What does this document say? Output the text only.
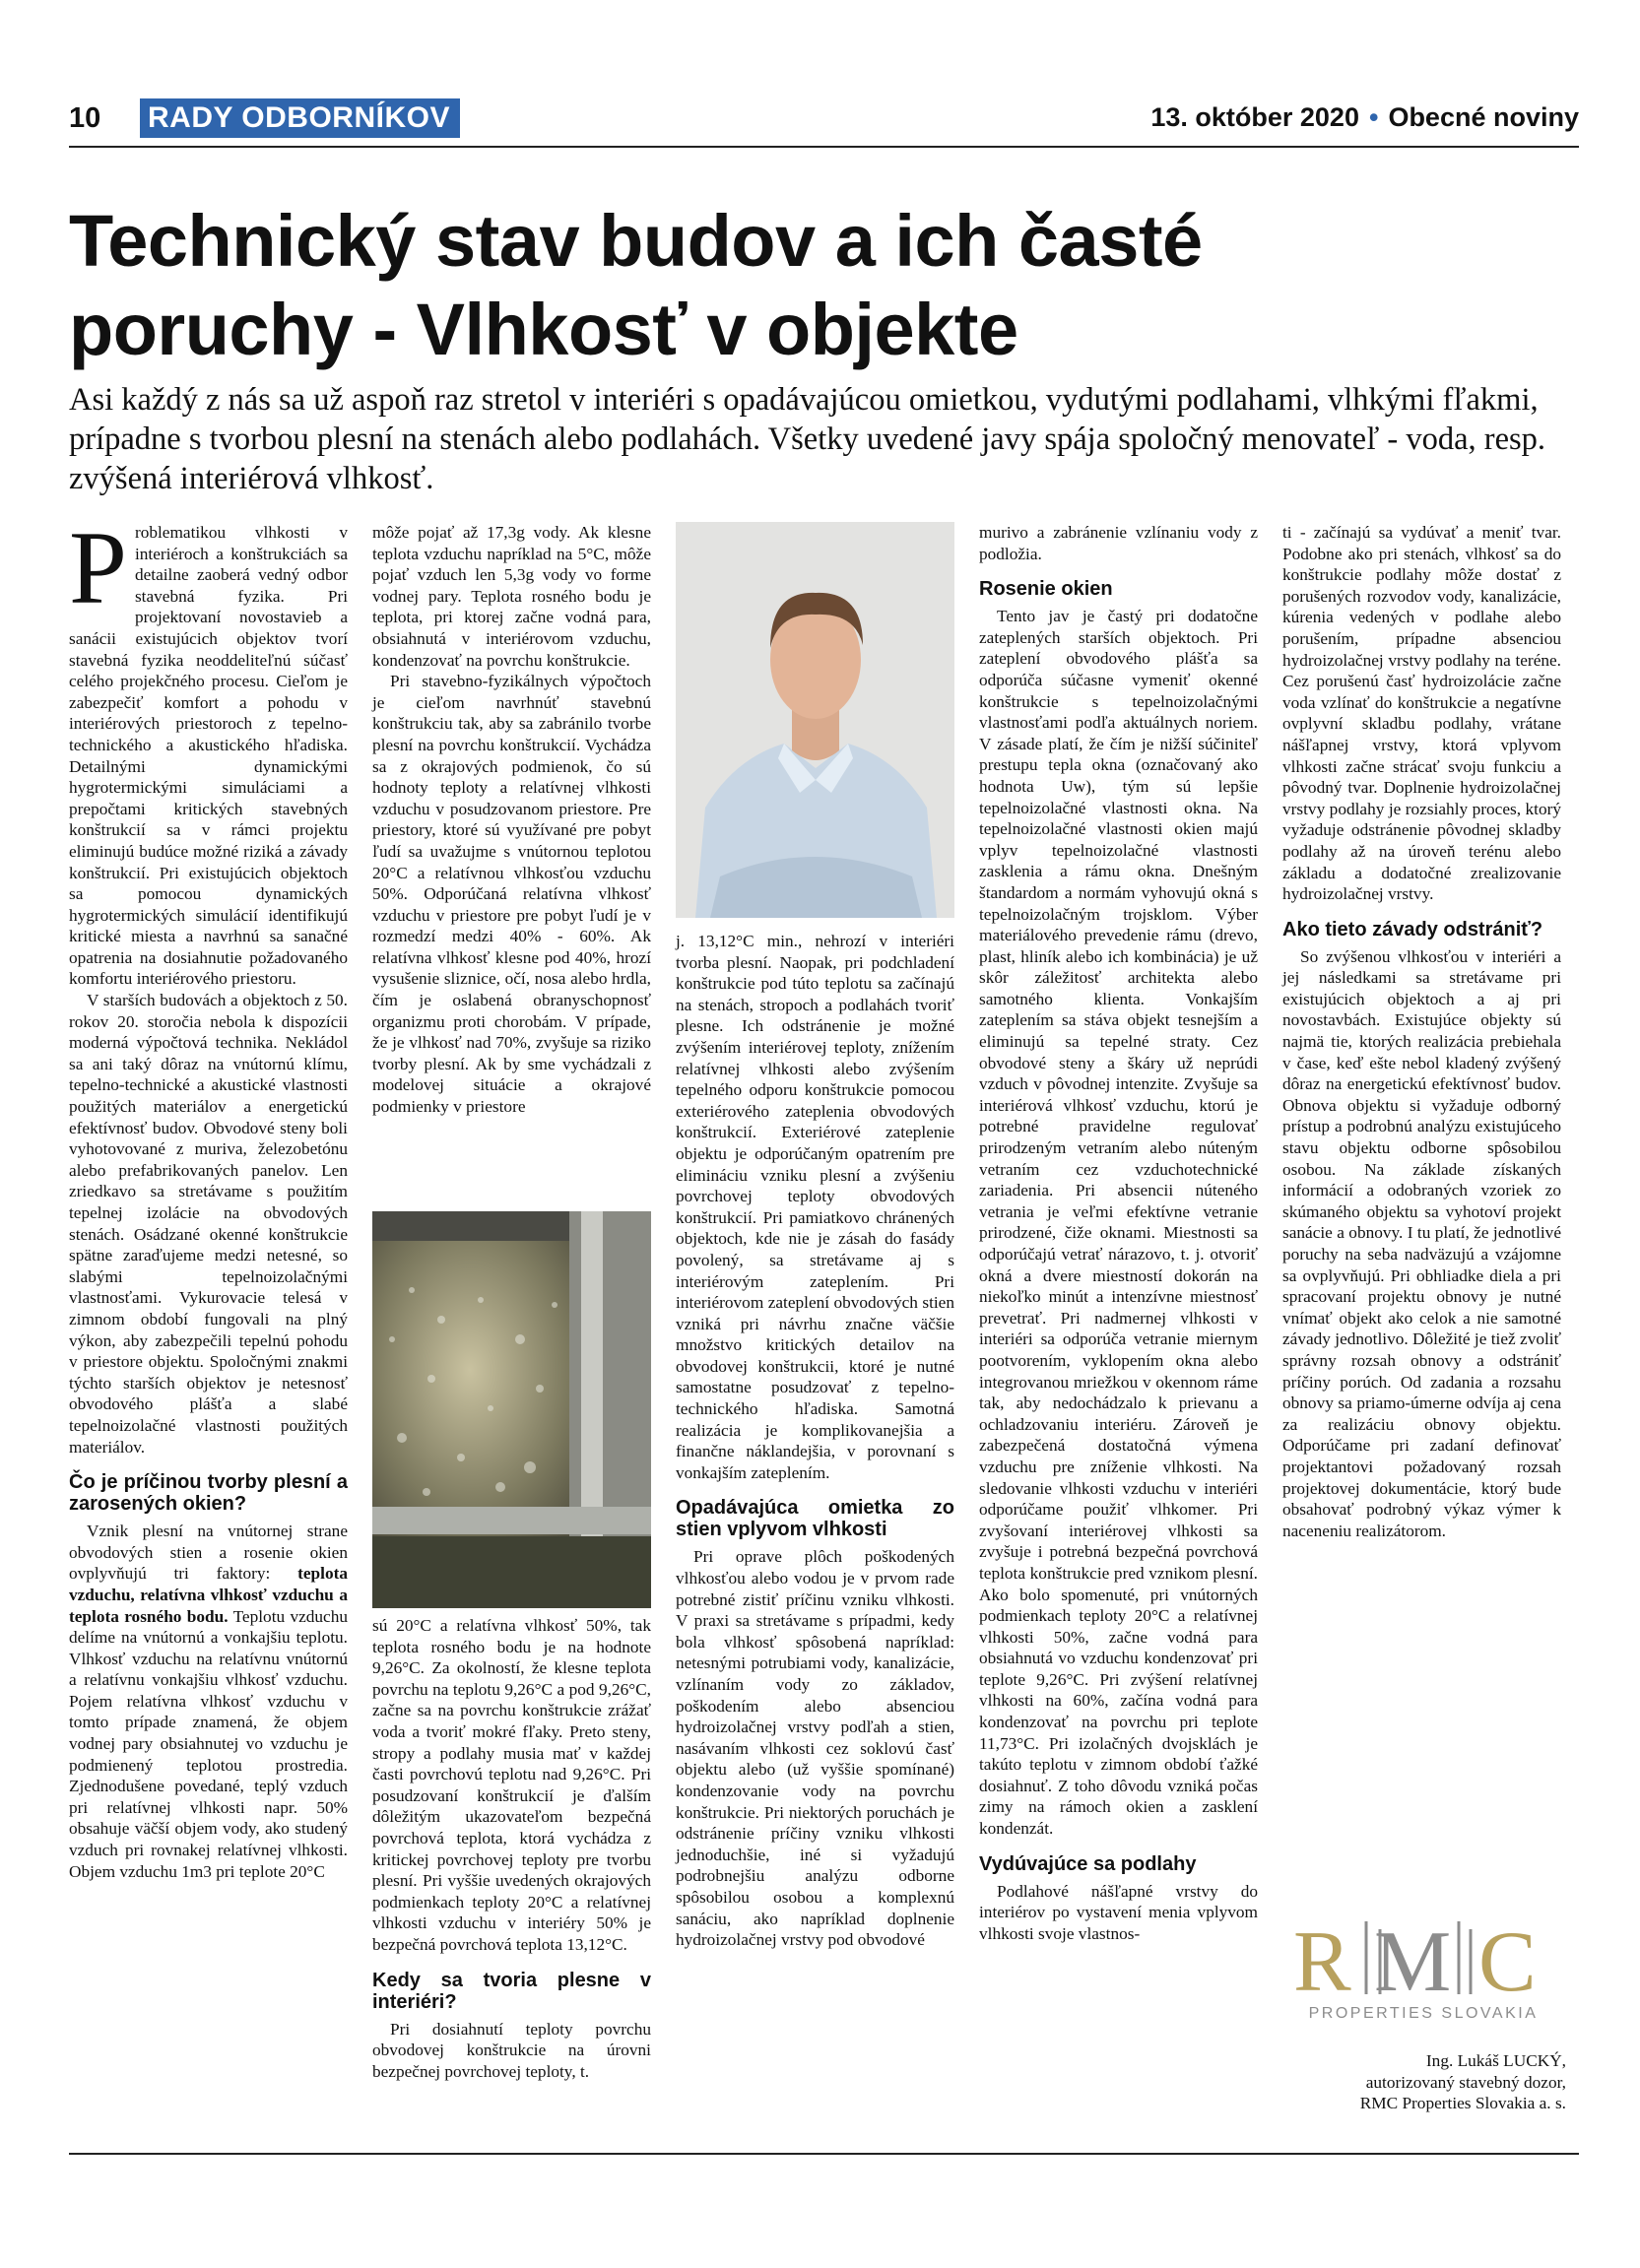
10 RADY ODBORNÍKOV	13. október 2020 • Obecné noviny
Technický stav budov a ich časté
poruchy - Vlhkosť v objekte
Asi každý z nás sa už aspoň raz stretol v interiéri s opadávajúcou omietkou, vydutými podlahami, vlhkými fľakmi, prípadne s tvorbou plesní na stenách alebo podlahách. Všetky uvedené javy spája spoločný menovateľ - voda, resp. zvýšená interiérová vlhkosť.

Problematikou vlhkosti v interiéroch a konštrukciách sa detailne zaoberá vedný odbor stavebná fyzika. Pri projektovaní novostavieb a sanácii existujúcich objektov tvorí stavebná fyzika neoddeliteľnú súčasť celého projekčného procesu. Cieľom je zabezpečiť komfort a pohodu v interiérových priestoroch z tepelno-technického a akustického hľadiska. Detailnými dynamickými hygrotermickými simuláciami a prepočtami kritických stavebných konštrukcií sa v rámci projektu eliminujú budúce možné riziká a závady konštrukcií. Pri existujúcich objektoch sa pomocou dynamických hygrotermických simulácií identifikujú kritické miesta a navrhnú sa sanačné opatrenia na dosiahnutie požadovaného komfortu interiérového priestoru.

V starších budovách a objektoch z 50. rokov 20. storočia nebola k dispozícii moderná výpočtová technika. Nekládol sa ani taký dôraz na vnútornú klímu, tepelno-technické a akustické vlastnosti použitých materiálov a energetickú efektívnosť budov. Obvodové steny boli vyhotovované z muriva, železobetónu alebo prefabrikovaných panelov. Len zriedkavo sa stretávame s použitím tepelnej izolácie na obvodových stenách. Osádzané okenné konštrukcie spätne zaraďujeme medzi netesné, so slabými tepelnoizolačnými vlastnosťami. Vykurovacie telesá v zimnom období fungovali na plný výkon, aby zabezpečili tepelnú pohodu v priestore objektu. Spoločnými znakmi týchto starších objektov je netesnosť obvodového plášťa a slabé tepelnoizolačné vlastnosti použitých materiálov.

Čo je príčinou tvorby plesní a zarosených okien?

Vznik plesní na vnútornej strane obvodových stien a rosenie okien ovplyvňujú tri faktory: teplota vzduchu, relatívna vlhkosť vzduchu a teplota rosného bodu. Teplotu vzduchu delíme na vnútornú a vonkajšiu teplotu. Vlhkosť vzduchu na relatívnu vnútornú a relatívnu vonkajšiu vlhkosť vzduchu. Pojem relatívna vlhkosť vzduchu v tomto prípade znamená, že objem vodnej pary obsiahnutej vo vzduchu je podmienený teplotou prostredia. Zjednodušene povedané, teplý vzduch pri relatívnej vlhkosti napr. 50% obsahuje väčší objem vody, ako studený vzduch pri rovnakej relatívnej vlhkosti. Objem vzduchu 1m3 pri teplote 20°C

môže pojať až 17,3g vody. Ak klesne teplota vzduchu napríklad na 5°C, môže pojať vzduch len 5,3g vody vo forme vodnej pary. Teplota rosného bodu je teplota, pri ktorej začne vodná para, obsiahnutá v interiérovom vzduchu, kondenzovať na povrchu konštrukcie.

Pri stavebno-fyzikálnych výpočtoch je cieľom navrhnúť stavebnú konštrukciu tak, aby sa zabránilo tvorbe plesní na povrchu konštrukcií. Vychádza sa z okrajových podmienok, čo sú hodnoty teploty a relatívnej vlhkosti vzduchu v posudzovanom priestore. Pre priestory, ktoré sú využívané pre pobyt ľudí sa uvažujme s vnútornou teplotou 20°C a relatívnou vlhkosťou vzduchu 50%. Odporúčaná relatívna vlhkosť vzduchu v priestore pre pobyt ľudí je v rozmedzí medzi 40% - 60%. Ak relatívna vlhkosť klesne pod 40%, hrozí vysušenie sliznice, očí, nosa alebo hrdla, čím je oslabená obranyschopnosť organizmu proti chorobám. V prípade, že je vlhkosť nad 70%, zvyšuje sa riziko tvorby plesní. Ak by sme vychádzali z modelovej situácie a okrajové podmienky v priestore

sú 20°C a relatívna vlhkosť 50%, tak teplota rosného bodu je na hodnote 9,26°C. Za okolností, že klesne teplota povrchu na teplotu 9,26°C a pod 9,26°C, začne sa na povrchu konštrukcie zrážať voda a tvoriť mokré fľaky. Preto steny, stropy a podlahy musia mať v každej časti povrchovú teplotu nad 9,26°C. Pri posudzovaní konštrukcií je ďalším dôležitým ukazovateľom bezpečná povrchová teplota, ktorá vychádza z kritickej povrchovej teploty pre tvorbu plesní. Pri vyššie uvedených okrajových podmienkach teploty 20°C a relatívnej vlhkosti vzduchu v interiéry 50% je bezpečná povrchová teplota 13,12°C.

Kedy sa tvoria plesne v interiéri?

Pri dosiahnutí teploty povrchu obvodovej konštrukcie na úrovni bezpečnej povrchovej teploty, t.

j. 13,12°C min., nehrozí v interiéri tvorba plesní. Naopak, pri podchladení konštrukcie pod túto teplotu sa začínajú na stenách, stropoch a podlahách tvoriť plesne. Ich odstránenie je možné zvýšením interiérovej teploty, znížením relatívnej vlhkosti alebo zvýšením tepelného odporu konštrukcie pomocou exteriérového zateplenia obvodových konštrukcií. Exteriérové zateplenie objektu je odporúčaným opatrením pre elimináciu vzniku plesní a zvýšeniu povrchovej teploty obvodových konštrukcií. Pri pamiatkovo chránených objektoch, kde nie je zásah do fasády povolený, sa stretávame aj s interiérovým zateplením. Pri interiérovom zateplení obvodových stien vzniká pri návrhu značne väčšie množstvo kritických detailov na obvodovej konštrukcii, ktoré je nutné samostatne posudzovať z tepelno-technického hľadiska. Samotná realizácia je komplikovanejšia a finančne náklandejšia, v porovnaní s vonkajším zateplením.

Opadávajúca omietka zo stien vplyvom vlhkosti

Pri oprave plôch poškodených vlhkosťou alebo vodou je v prvom rade potrebné zistiť príčinu vzniku vlhkosti. V praxi sa stretávame s prípadmi, kedy bola vlhkosť spôsobená napríklad: netesnými potrubiami vody, kanalizácie, vzlínaním vody zo základov, poškodením alebo absenciou hydroizolačnej vrstvy podľah a stien, nasávaním vlhkosti cez soklovú časť objektu alebo (už vyššie spomínané) kondenzovanie vody na povrchu konštrukcie. Pri niektorých poruchách je odstránenie príčiny vzniku vlhkosti jednoduchšie, iné si vyžadujú podrobnejšiu analýzu odborne spôsobilou osobou a komplexnú sanáciu, ako napríklad doplnenie hydroizolačnej vrstvy pod obvodové

murivo a zabránenie vzlínaniu vody z podložia.

Rosenie okien

Tento jav je častý pri dodatočne zateplených starších objektoch. Pri zateplení obvodového plášťa sa odporúča súčasne vymeniť okenné konštrukcie s tepelnoizolačnými vlastnosťami podľa aktuálnych noriem. V zásade platí, že čím je nižší súčiniteľ prestupu tepla okna (označovaný ako hodnota Uw), tým sú lepšie tepelnoizolačné vlastnosti okna. Na tepelnoizolačné vlastnosti okien majú vplyv tepelnoizolačné vlastnosti zasklenia a rámu okna. Dnešným štandardom a normám vyhovujú okná s tepelnoizolačným trojsklom. Výber materiálového prevedenie rámu (drevo, plast, hliník alebo ich kombinácia) je už skôr záležitosť architekta alebo samotného klienta. Vonkajším zateplením sa stáva objekt tesnejším a eliminujú sa tepelné straty. Cez obvodové steny a škáry už neprúdi vzduch v pôvodnej intenzite. Zvyšuje sa interiérová vlhkosť vzduchu, ktorú je potrebné pravidelne regulovať prirodzeným vetraním alebo núteným vetraním cez vzduchotechnické zariadenia. Pri absencii núteného vetrania je veľmi efektívne vetranie prirodzené, čiže oknami. Miestnosti sa odporúčajú vetrať nárazovo, t. j. otvoriť okná a dvere miestností dokorán na niekoľko minút a intenzívne miestnosť prevetrať. Pri nadmernej vlhkosti v interiéri sa odporúča vetranie miernym pootvorením, vyklopením okna alebo integrovanou mriežkou v okennom ráme tak, aby nedochádzalo k prievanu a ochladzovaniu interiéru. Zároveň je zabezpečená dostatočná výmena vzduchu pre zníženie vlhkosti. Na sledovanie vlhkosti vzduchu v interiéri odporúčame použiť vlhkomer. Pri zvyšovaní interiérovej vlhkosti sa zvyšuje i potrebná bezpečná povrchová teplota konštrukcie pred vznikom plesní. Ako bolo spomenuté, pri vnútorných podmienkach teploty 20°C a relatívnej vlhkosti 50%, začne vodná para obsiahnutá vo vzduchu kondenzovať pri teplote 9,26°C. Pri zvýšení relatívnej vlhkosti na 60%, začína vodná para kondenzovať na povrchu pri teplote 11,73°C. Pri izolačných dvojsklách je takúto teplotu v zimnom období ťažké dosiahnuť. Z toho dôvodu vzniká počas zimy na rámoch okien a zasklení kondenzát.

Vydúvajúce sa podlahy

Podlahové nášľapné vrstvy do interiérov po vystavení menia vplyvom vlhkosti svoje vlastnos-

ti - začínajú sa vydúvať a meniť tvar. Podobne ako pri stenách, vlhkosť sa do konštrukcie podlahy môže dostať z porušených rozvodov vody, kanalizácie, kúrenia vedených v podlahe alebo porušením, prípadne absenciou hydroizolačnej vrstvy podlahy na teréne. Cez porušenú časť hydroizolácie začne voda vzlínať do konštrukcie a negatívne ovplyvní skladbu podlahy, vrátane nášľapnej vrstvy, ktorá vplyvom vlhkosti začne strácať svoju funkciu a pôvodný tvar. Doplnenie hydroizolačnej vrstvy podlahy je rozsiahly proces, ktorý vyžaduje odstránenie pôvodnej skladby podlahy až na úroveň terénu alebo základu a dodatočné zrealizovanie hydroizolačnej vrstvy.

Ako tieto závady odstrániť?

So zvýšenou vlhkosťou v interiéri a jej následkami sa stretávame pri existujúcich objektoch a aj pri novostavbách. Existujúce objekty sú najmä tie, ktorých realizácia prebiehala v čase, keď ešte nebol kladený zvýšený dôraz na energetickú efektívnosť budov. Obnova objektu si vyžaduje odborný prístup a podrobnú analýzu existujúceho stavu objektu odborne spôsobilou osobou. Na základe získaných informácií a odobraných vzoriek zo skúmaného objektu sa vyhotoví projekt sanácie a obnovy. I tu platí, že jednotlivé poruchy na seba nadväzujú a vzájomne sa ovplyvňujú. Pri obhliadke diela a pri spracovaní projektu obnovy je nutné vnímať objekt ako celok a nie samotné závady jednotlivo. Dôležité je tiež zvoliť správny rozsah obnovy a odstrániť príčiny porúch. Od zadania a rozsahu obnovy sa priamo-úmerne odvíja aj cena za realizáciu obnovy objektu. Odporúčame pri zadaní definovať projektantovi požadovaný rozsah projektovej dokumentácie, ktorý bude obsahovať podrobný výkaz výmer k naceneniu realizátorom.

R M C
PROPERTIES SLOVAKIA
Ing. Lukáš LUCKÝ,
autorizovaný stavebný dozor,
RMC Properties Slovakia a. s.
